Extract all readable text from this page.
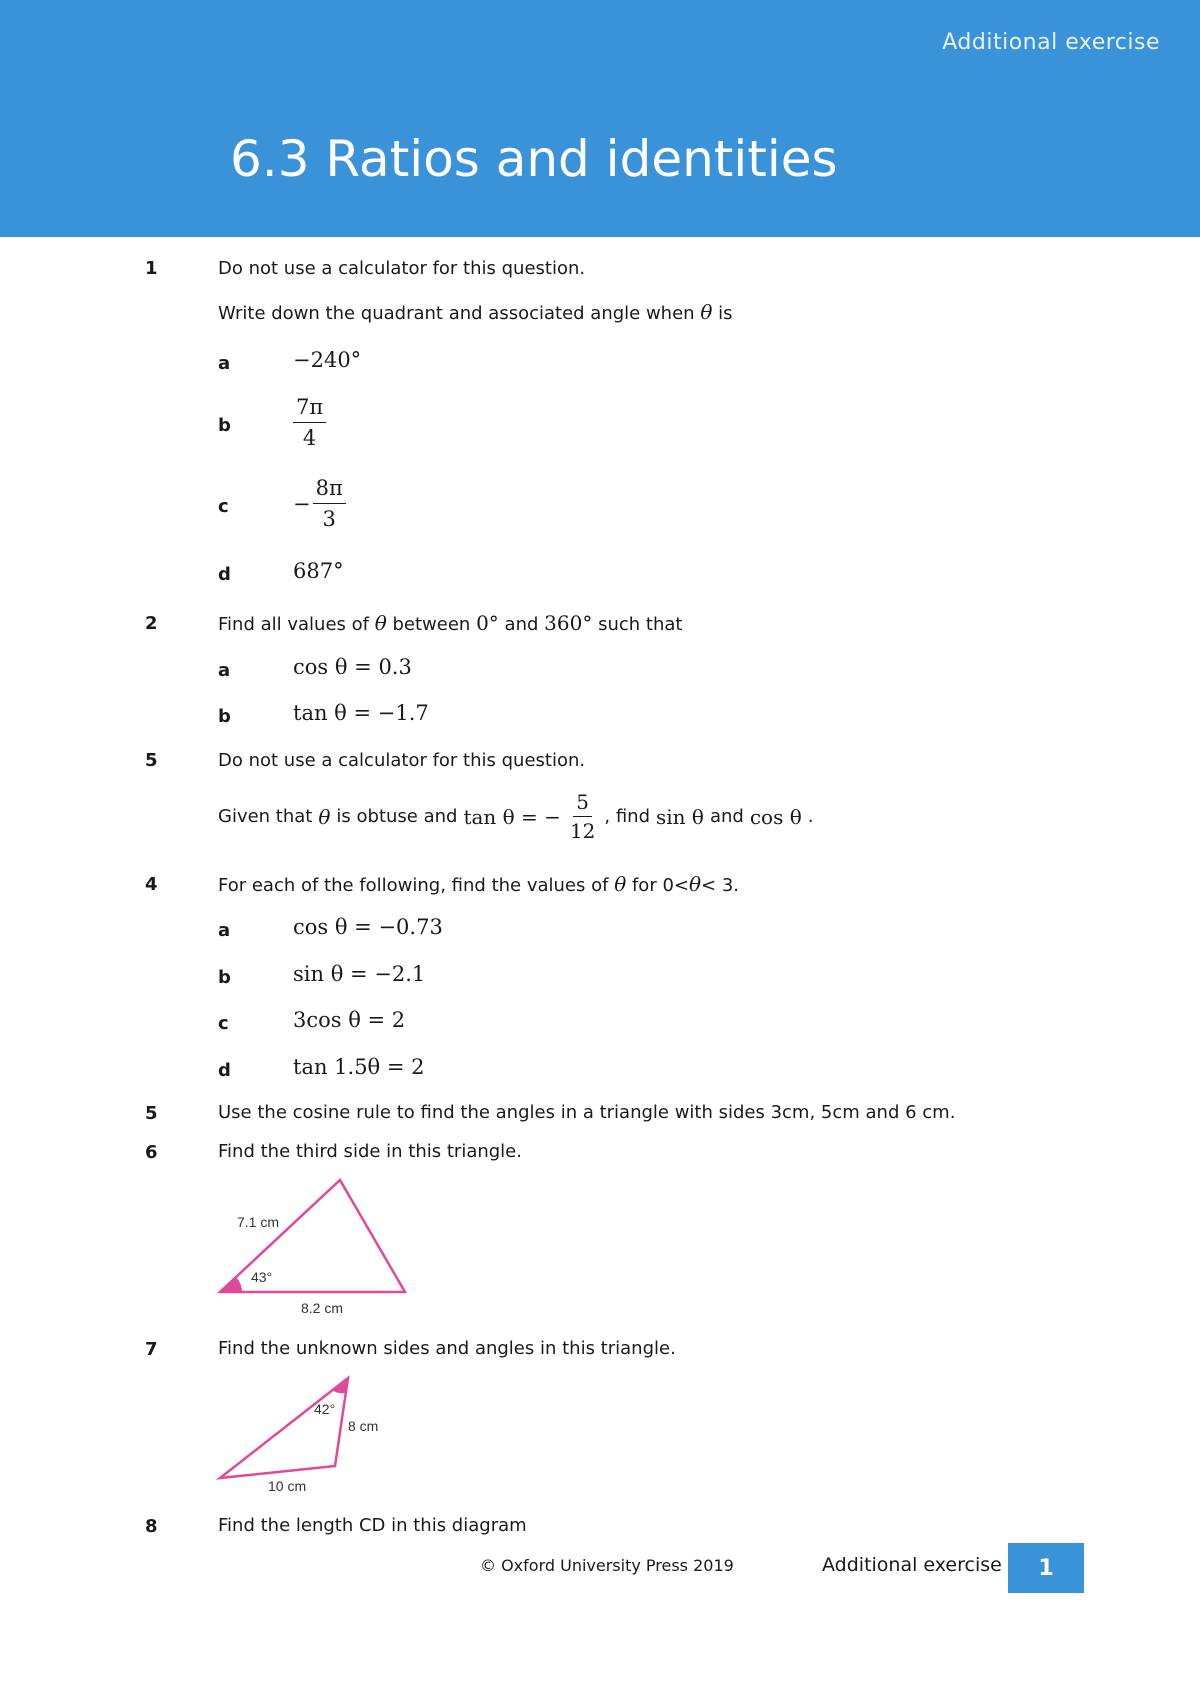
Additional exercise
6.3 Ratios and identities
1	Do not use a calculator for this question.
Write down the quadrant and associated angle when θ is
a	−240°
b	$\frac{7\pi}{4}$
c	− $\frac{8\pi}{3}$
d	687°
2	Find all values of θ between 0° and 360° such that
a	cos θ = 0.3
b	tan θ = −1.7
5	Do not use a calculator for this question.
Given that θ is obtuse and tan θ = − $\frac{5}{12}$ , find sin θ and cos θ .
4	For each of the following, find the values of θ for 0<θ< 3.
a	cos θ = −0.73
b	sin θ = −2.1
c	3cos θ = 2
d	tan 1.5θ = 2
5	Use the cosine rule to find the angles in a triangle with sides 3cm, 5cm and 6 cm.
6	Find the third side in this triangle.
7.1 cm
43°
8.2 cm
7	Find the unknown sides and angles in this triangle.
42°
8 cm
10 cm
8	Find the length CD in this diagram
© Oxford University Press 2019	Additional exercise	1
